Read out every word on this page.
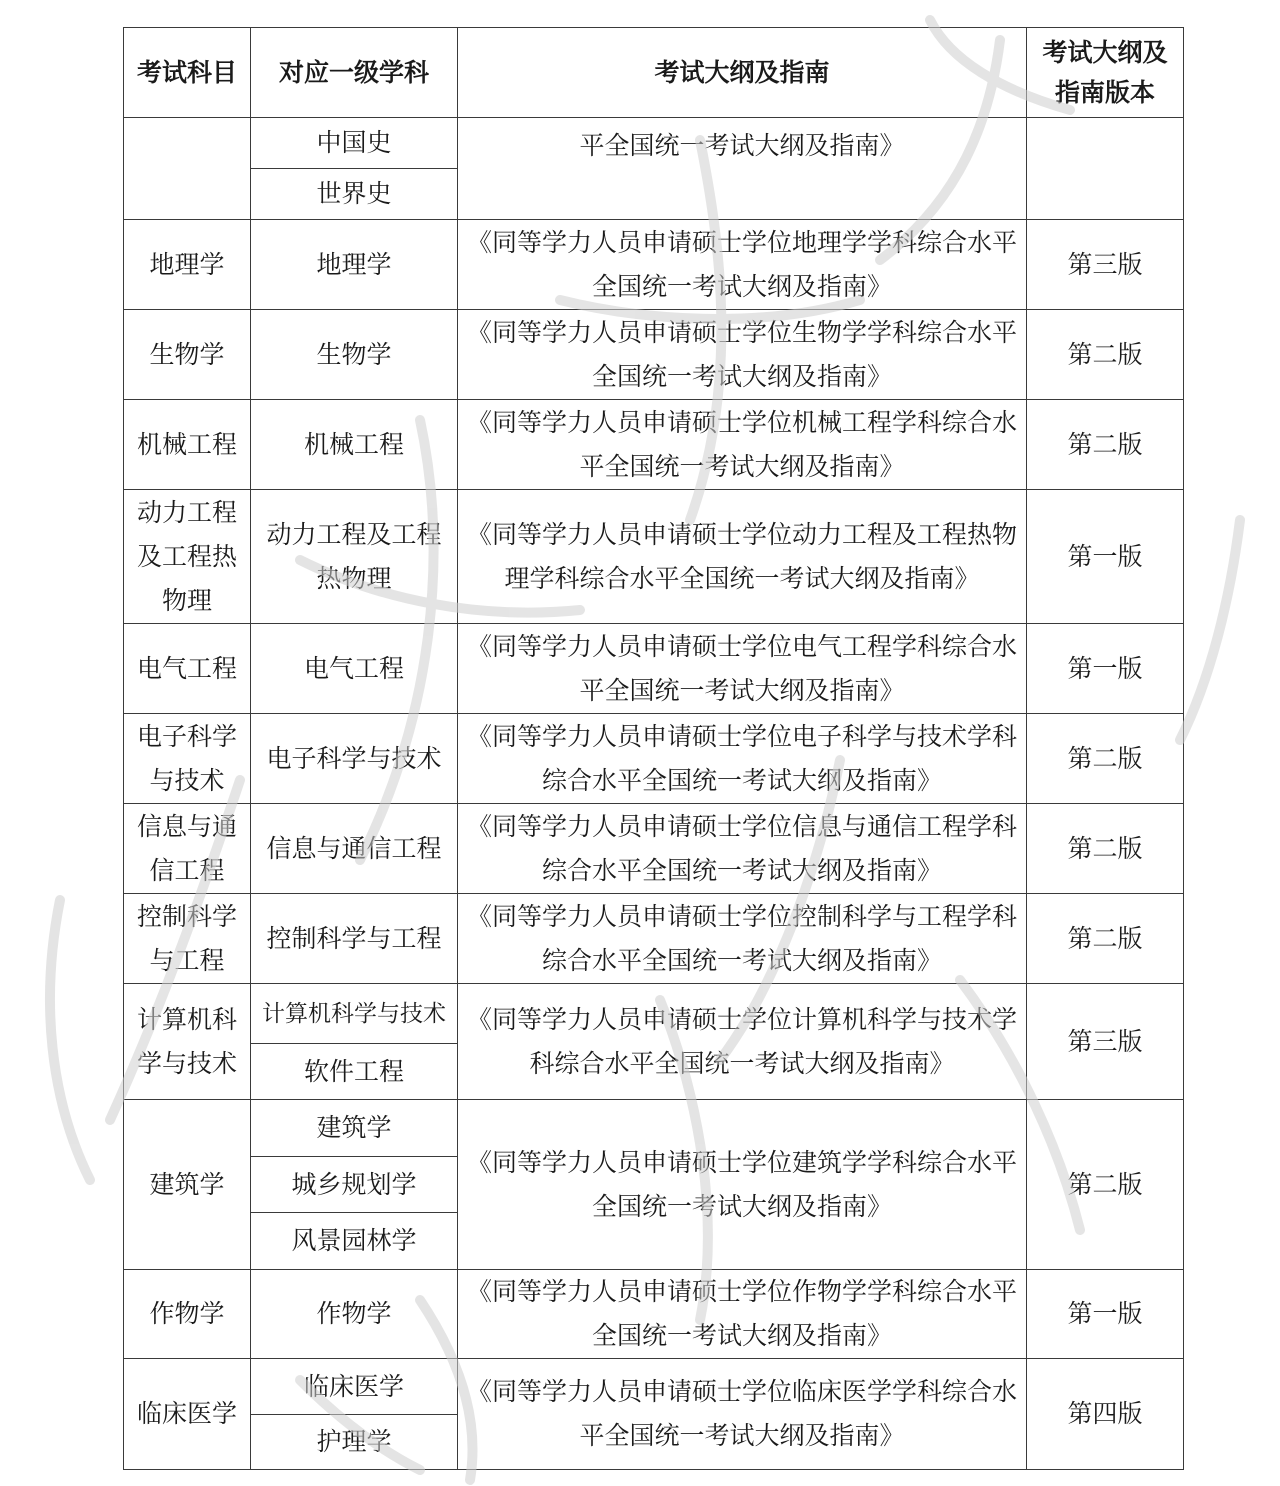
考试科目	对应一级学科	考试大纲及指南	考试大纲及指南版本
	中国史	平全国统一考试大纲及指南》	
	世界史		
地理学	地理学	《同等学力人员申请硕士学位地理学学科综合水平全国统一考试大纲及指南》	第三版
生物学	生物学	《同等学力人员申请硕士学位生物学学科综合水平全国统一考试大纲及指南》	第二版
机械工程	机械工程	《同等学力人员申请硕士学位机械工程学科综合水平全国统一考试大纲及指南》	第二版
动力工程及工程热物理	动力工程及工程热物理	《同等学力人员申请硕士学位动力工程及工程热物理学科综合水平全国统一考试大纲及指南》	第一版
电气工程	电气工程	《同等学力人员申请硕士学位电气工程学科综合水平全国统一考试大纲及指南》	第一版
电子科学与技术	电子科学与技术	《同等学力人员申请硕士学位电子科学与技术学科综合水平全国统一考试大纲及指南》	第二版
信息与通信工程	信息与通信工程	《同等学力人员申请硕士学位信息与通信工程学科综合水平全国统一考试大纲及指南》	第二版
控制科学与工程	控制科学与工程	《同等学力人员申请硕士学位控制科学与工程学科综合水平全国统一考试大纲及指南》	第二版
计算机科学与技术	计算机科学与技术	《同等学力人员申请硕士学位计算机科学与技术学科综合水平全国统一考试大纲及指南》	第三版
	软件工程		
建筑学	建筑学	《同等学力人员申请硕士学位建筑学学科综合水平全国统一考试大纲及指南》	第二版
	城乡规划学		
	风景园林学		
作物学	作物学	《同等学力人员申请硕士学位作物学学科综合水平全国统一考试大纲及指南》	第一版
临床医学	临床医学	《同等学力人员申请硕士学位临床医学学科综合水平全国统一考试大纲及指南》	第四版
	护理学		
火线教育
